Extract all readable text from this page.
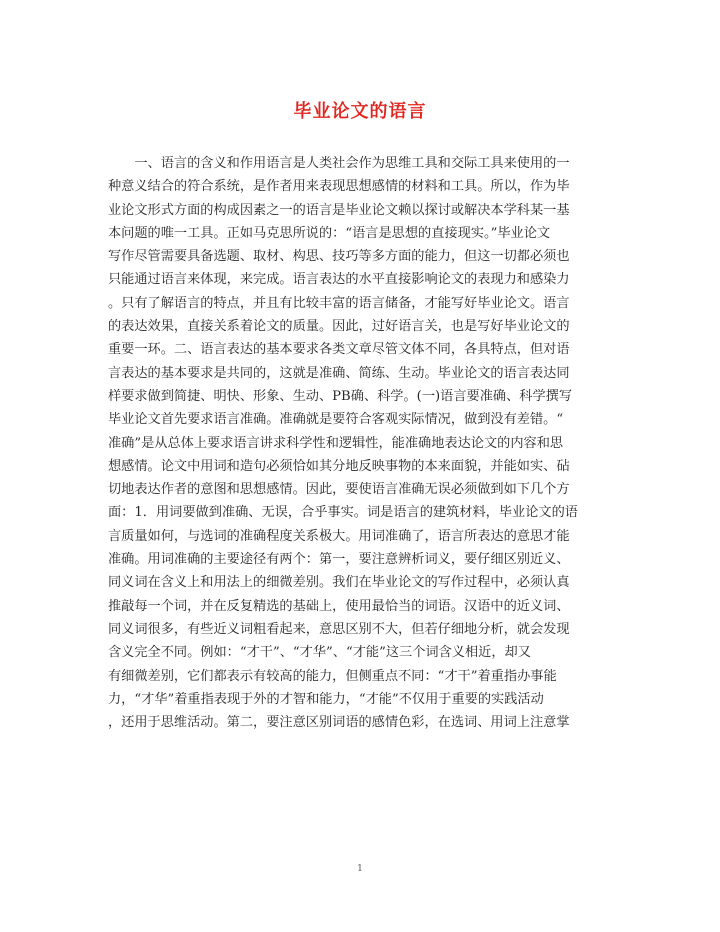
毕业论文的语言
　　一、语言的含义和作用语言是人类社会作为思维工具和交际工具来使用的一
种意义结合的符合系统，是作者用来表现思想感情的材料和工具。所以，作为毕
业论文形式方面的构成因素之一的语言是毕业论文赖以探讨或解决本学科某一基
本问题的唯一工具。正如马克思所说的：“语言是思想的直接现实。”毕业论文
写作尽管需要具备选题、取材、构思、技巧等多方面的能力，但这一切都必须也
只能通过语言来体现，来完成。语言表达的水平直接影响论文的表现力和感染力
。只有了解语言的特点，并且有比较丰富的语言储备，才能写好毕业论文。语言
的表达效果，直接关系着论文的质量。因此，过好语言关，也是写好毕业论文的
重要一环。二、语言表达的基本要求各类文章尽管文体不同，各具特点，但对语
言表达的基本要求是共同的，这就是准确、简练、生动。毕业论文的语言表达同
样要求做到简捷、明快、形象、生动、PB确、科学。(一)语言要准确、科学撰写
毕业论文首先要求语言准确。准确就是要符合客观实际情况，做到没有差错。“
准确”是从总体上要求语言讲求科学性和逻辑性，能准确地表达论文的内容和思
想感情。论文中用词和造句必须恰如其分地反映事物的本来面貌，并能如实、砧
切地表达作者的意图和思想感情。因此，要使语言准确无误必须做到如下几个方
面：1．用词要做到准确、无误，合乎事实。词是语言的建筑材料，毕业论文的语
言质量如何，与选词的准确程度关系极大。用词准确了，语言所表达的意思才能
准确。用词准确的主要途径有两个：第一，要注意辨析词义，要仔细区别近义、
同义词在含义上和用法上的细微差别。我们在毕业论文的写作过程中，必须认真
推敲每一个词，并在反复精选的基础上，使用最恰当的词语。汉语中的近义词、
同义词很多，有些近义词粗看起来，意思区别不大，但若仔细地分析，就会发现
含义完全不同。例如：“才干”、“才华”、“才能”这三个词含义相近，却又
有细微差别，它们都表示有较高的能力，但侧重点不同：“才干”着重指办事能
力，“才华”着重指表现于外的才智和能力，“才能”不仅用于重要的实践活动
，还用于思维活动。第二，要注意区别词语的感情色彩，在选词、用词上注意掌
1
